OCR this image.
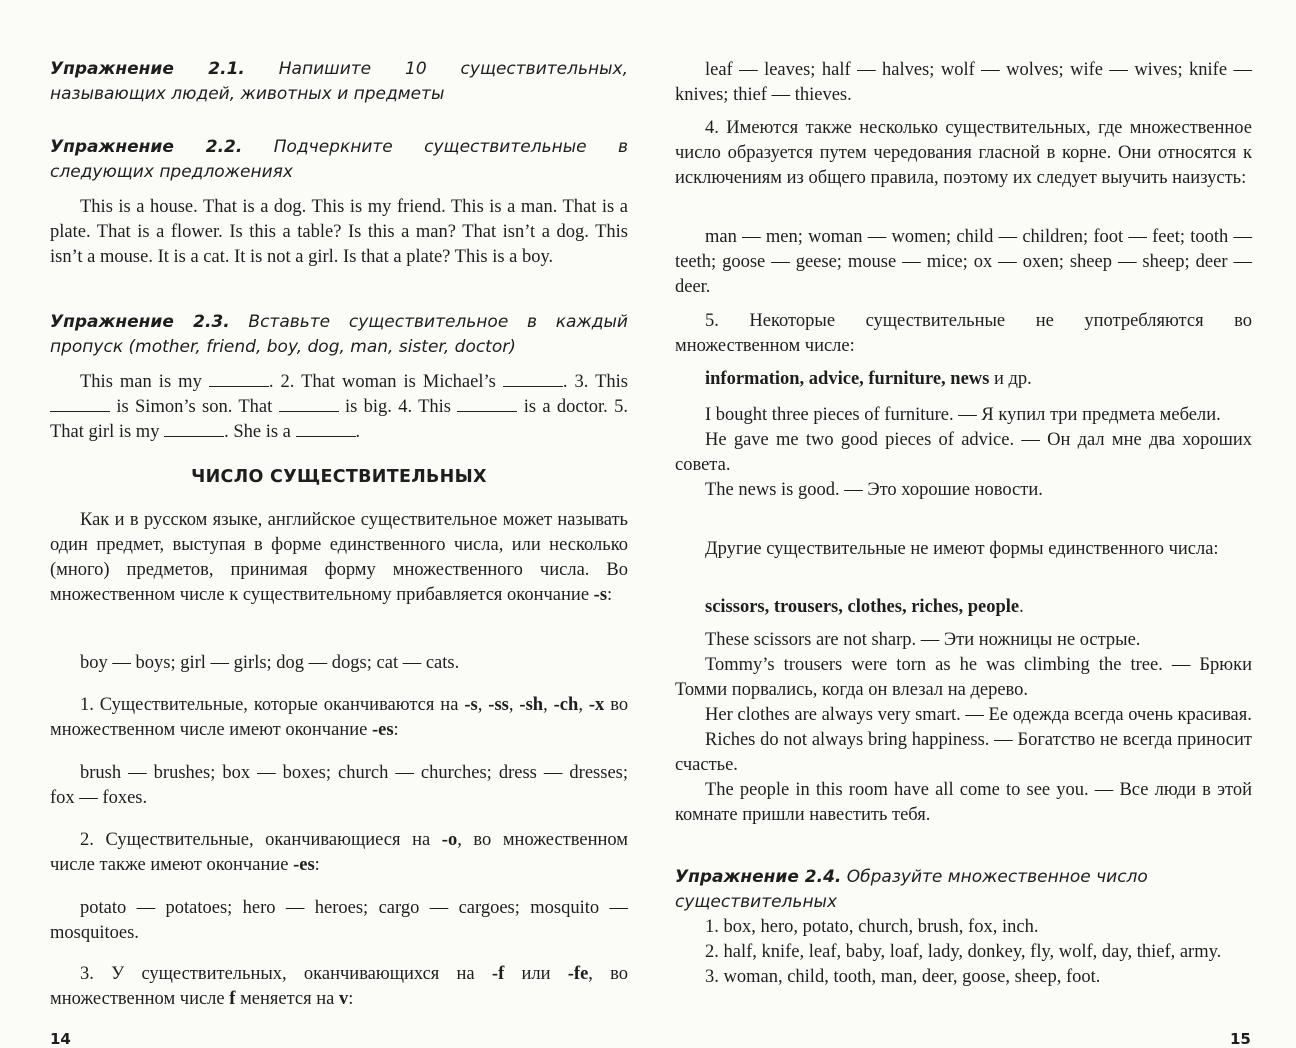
Упражнение 2.1. Напишите 10 существительных, называющих людей, животных и предметы

Упражнение 2.2. Подчеркните существительные в следующих предложениях

This is a house. That is a dog. This is my friend. This is a man. That is a plate. That is a flower. Is this a table? Is this a man? That isn’t a dog. This isn’t a mouse. It is a cat. It is not a girl. Is that a plate? This is a boy.

Упражнение 2.3. Вставьте существительное в каждый пропуск (mother, friend, boy, dog, man, sister, doctor)

This man is my	. 2. That woman is Michael’s	. 3. This  is Simon’s son. That	is big. 4. This	is a doctor. 5. That girl is my	. She is a	.

ЧИСЛО СУЩЕСТВИТЕЛЬНЫХ

Как и в русском языке, английское существительное может называть один предмет, выступая в форме единственного числа, или несколько (много) предметов, принимая форму множественного числа. Во множественном числе к существительному прибавляется окончание -s:

boy — boys; girl — girls; dog — dogs; cat — cats.

1. Существительные, которые оканчиваются на -s, -ss, -sh, -ch, -x во множественном числе имеют окончание -es:

brush — brushes; box — boxes; church — churches; dress — dresses; fox — foxes.

2. Существительные, оканчивающиеся на -o, во множественном числе также имеют окончание -es:

potato — potatoes; hero — heroes; cargo — cargoes; mosquito — mosquitoes.

3. У существительных, оканчивающихся на -f или -fe, во множественном числе f меняется на v:

14

leaf — leaves; half — halves; wolf — wolves; wife — wives; knife — knives; thief — thieves.

4. Имеются также несколько существительных, где множественное число образуется путем чередования гласной в корне. Они относятся к исключениям из общего правила, поэтому их следует выучить наизусть:

man — men; woman — women; child — children; foot — feet; tooth — teeth; goose — geese; mouse — mice; ox — oxen; sheep — sheep; deer — deer.

5. Некоторые существительные не употребляются во множественном числе:

information, advice, furniture, news и др.

I bought three pieces of furniture. — Я купил три предмета мебели.

He gave me two good pieces of advice. — Он дал мне два хороших совета.

The news is good. — Это хорошие новости.

Другие существительные не имеют формы единственного числа:

scissors, trousers, clothes, riches, people.

These scissors are not sharp. — Эти ножницы не острые.

Tommy’s trousers were torn as he was climbing the tree. — Брюки Томми порвались, когда он влезал на дерево.

Her clothes are always very smart. — Ее одежда всегда очень красивая.

Riches do not always bring happiness. — Богатство не всегда приносит счастье.

The people in this room have all come to see you. — Все люди в этой комнате пришли навестить тебя.

Упражнение 2.4. Образуйте множественное число существительных

1. box, hero, potato, church, brush, fox, inch.

2. half, knife, leaf, baby, loaf, lady, donkey, fly, wolf, day, thief, army.

3. woman, child, tooth, man, deer, goose, sheep, foot.

15
